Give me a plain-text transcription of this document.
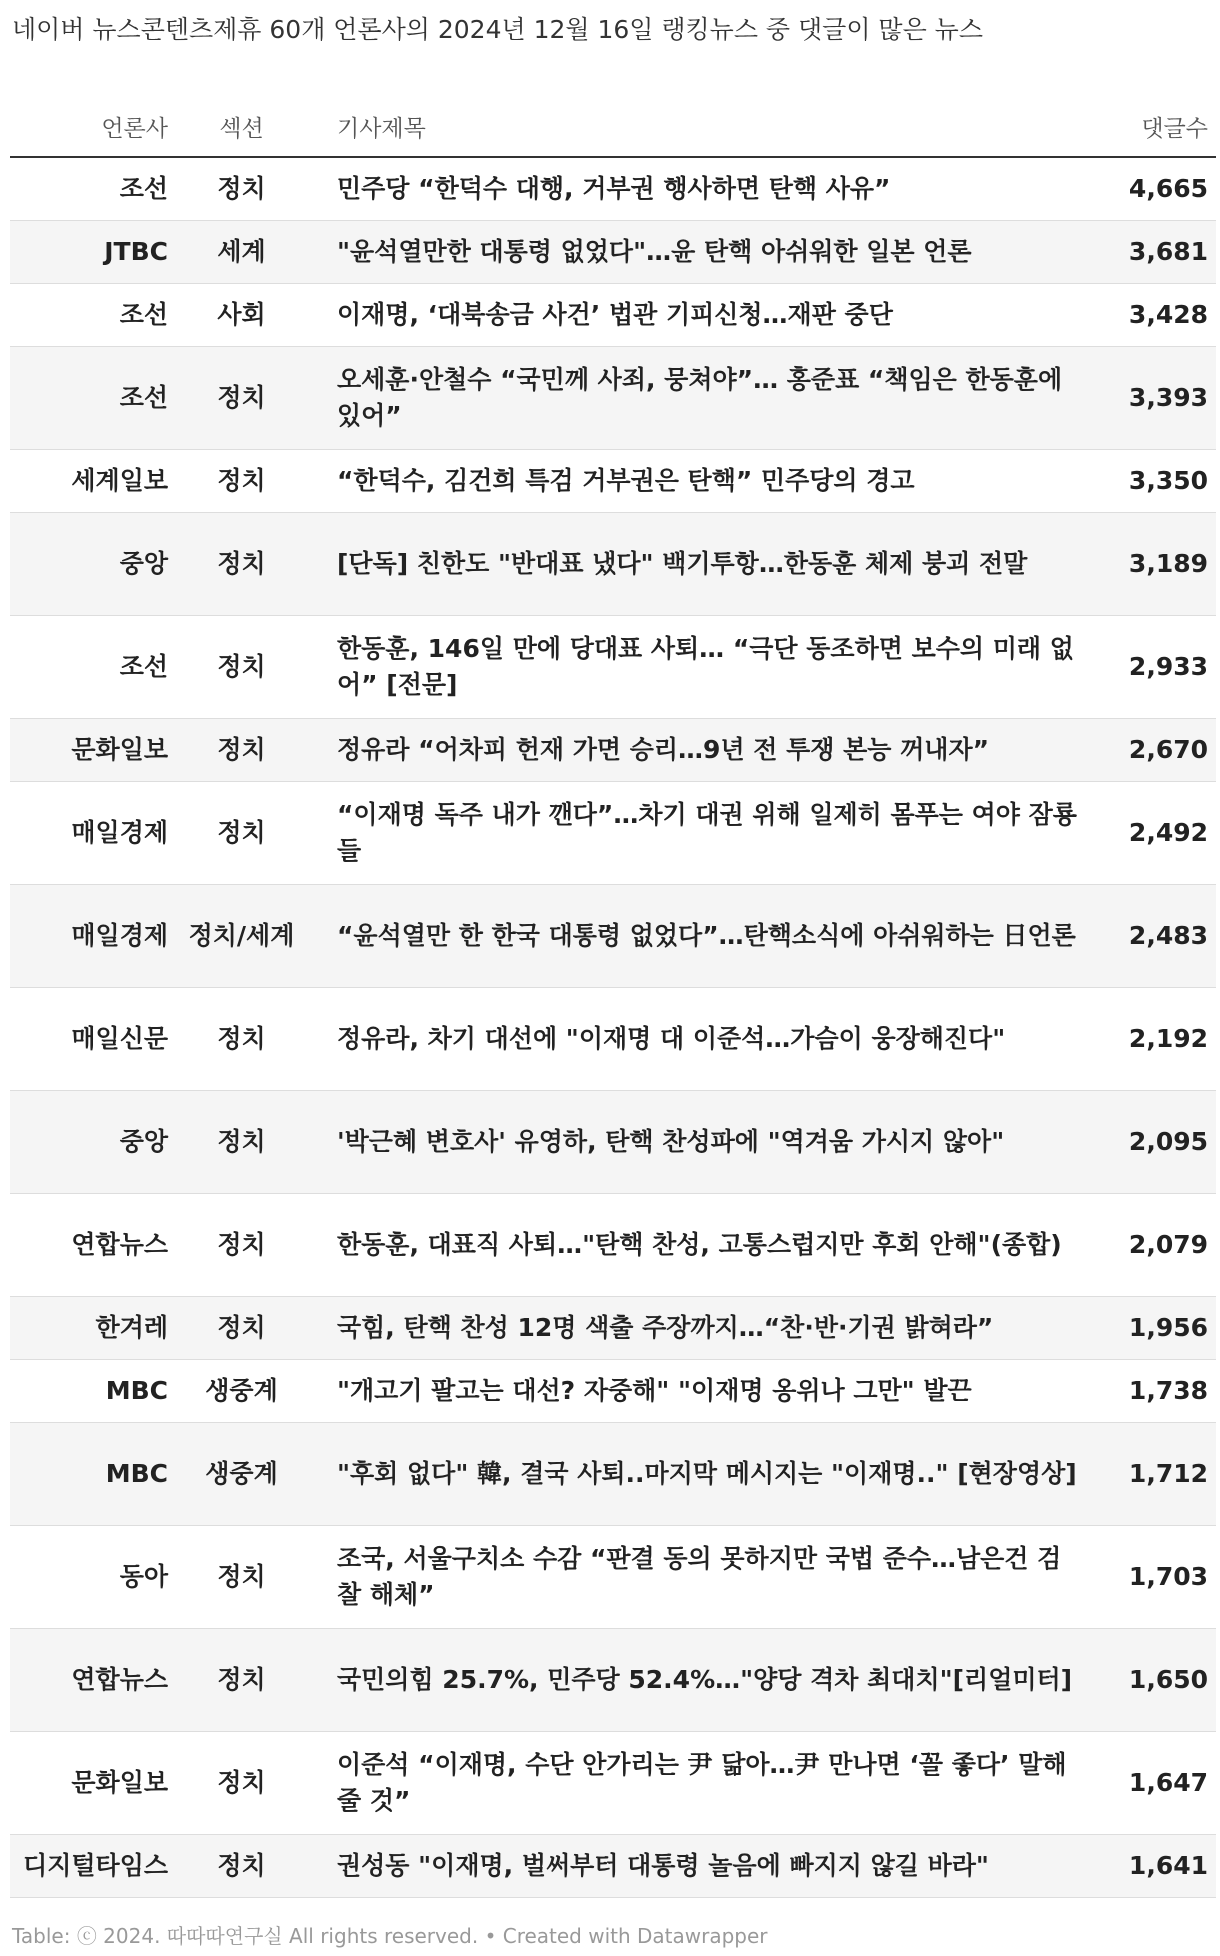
네이버 뉴스콘텐츠제휴 60개 언론사의 2024년 12월 16일 랭킹뉴스 중 댓글이 많은 뉴스
언론사	섹션	기사제목	댓글수
조선	정치	민주당 “한덕수 대행, 거부권 행사하면 탄핵 사유”	4,665
JTBC	세계	"윤석열만한 대통령 없었다"…윤 탄핵 아쉬워한 일본 언론	3,681
조선	사회	이재명, ‘대북송금 사건’ 법관 기피신청…재판 중단	3,428
조선	정치	오세훈·안철수 “국민께 사죄, 뭉쳐야”… 홍준표 “책임은 한동훈에 있어”	3,393
세계일보	정치	“한덕수, 김건희 특검 거부권은 탄핵” 민주당의 경고	3,350
중앙	정치	[단독] 친한도 "반대표 냈다" 백기투항…한동훈 체제 붕괴 전말	3,189
조선	정치	한동훈, 146일 만에 당대표 사퇴… “극단 동조하면 보수의 미래 없어” [전문]	2,933
문화일보	정치	정유라 “어차피 헌재 가면 승리…9년 전 투쟁 본능 꺼내자”	2,670
매일경제	정치	“이재명 독주 내가 깬다”…차기 대권 위해 일제히 몸푸는 여야 잠룡들	2,492
매일경제	정치/세계	“윤석열만 한 한국 대통령 없었다”…탄핵소식에 아쉬워하는 日언론	2,483
매일신문	정치	정유라, 차기 대선에 "이재명 대 이준석…가슴이 웅장해진다"	2,192
중앙	정치	'박근혜 변호사' 유영하, 탄핵 찬성파에 "역겨움 가시지 않아"	2,095
연합뉴스	정치	한동훈, 대표직 사퇴…"탄핵 찬성, 고통스럽지만 후회 안해"(종합)	2,079
한겨레	정치	국힘, 탄핵 찬성 12명 색출 주장까지…“찬·반·기권 밝혀라”	1,956
MBC	생중계	"개고기 팔고는 대선? 자중해" "이재명 옹위나 그만" 발끈	1,738
MBC	생중계	"후회 없다" 韓, 결국 사퇴..마지막 메시지는 "이재명.." [현장영상]	1,712
동아	정치	조국, 서울구치소 수감 “판결 동의 못하지만 국법 준수…남은건 검찰 해체”	1,703
연합뉴스	정치	국민의힘 25.7%, 민주당 52.4%…"양당 격차 최대치"[리얼미터]	1,650
문화일보	정치	이준석 “이재명, 수단 안가리는 尹 닮아…尹 만나면 ‘꼴 좋다’ 말해줄 것”	1,647
디지털타임스	정치	권성동 "이재명, 벌써부터 대통령 놀음에 빠지지 않길 바라"	1,641
Table: ⓒ 2024. 따따따연구실 All rights reserved. • Created with Datawrapper
